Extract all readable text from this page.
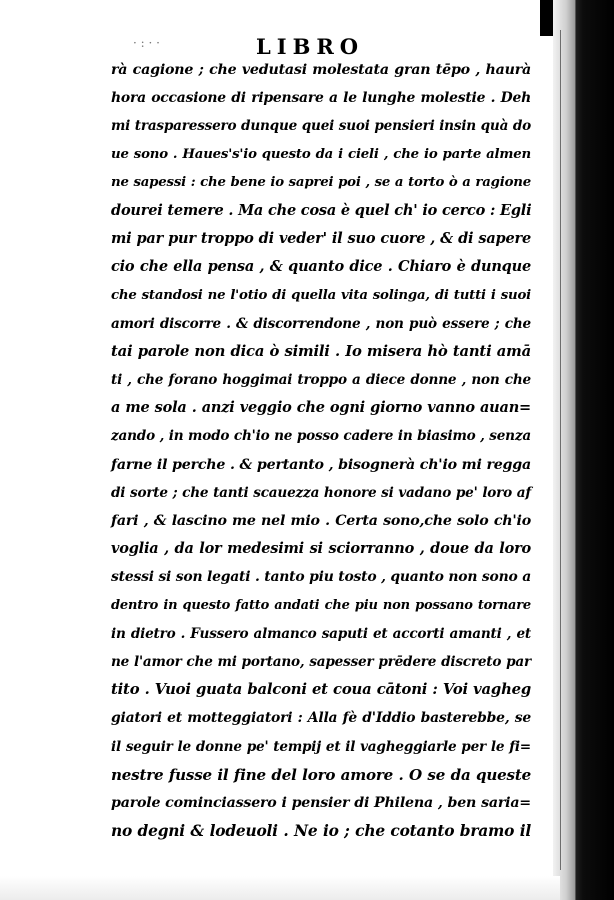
· : · ·	LIBRO
rà cagione ; che vedutasi molestata gran tēpo , haurà
hora occasione di ripensare a le lunghe molestie . Deh
mi trasparessero dunque quei suoi pensieri insin quà do
ue sono . Haues's'io questo da i cieli , che io parte almen
ne sapessi : che bene io saprei poi , se a torto ò a ragione
dourei temere . Ma che cosa è quel ch' io cerco : Egli
mi par pur troppo di veder' il suo cuore , & di sapere
cio che ella pensa , & quanto dice . Chiaro è dunque
che standosi ne l'otio di quella vita solinga, di tutti i suoi
amori discorre . & discorrendone , non può essere ; che
tai parole non dica ò simili . Io misera hò tanti amā
ti , che forano hoggimai troppo a diece donne , non che
a me sola . anzi veggio che ogni giorno vanno auan=
zando , in modo ch'io ne posso cadere in biasimo , senza
farne il perche . & pertanto , bisognerà ch'io mi regga
di sorte ; che tanti scauezza honore si vadano pe' loro af
fari , & lascino me nel mio . Certa sono,che solo ch'io
voglia , da lor medesimi si sciorranno , doue da loro
stessi si son legati . tanto piu tosto , quanto non sono a
dentro in questo fatto andati che piu non possano tornare
in dietro . Fussero almanco saputi et accorti amanti , et
ne l'amor che mi portano, sapesser prēdere discreto par
tito . Vuoi guata balconi et coua cātoni : Voi vagheg
giatori et motteggiatori : Alla fè d'Iddio basterebbe, se
il seguir le donne pe' tempij et il vagheggiarle per le fi=
nestre fusse il fine del loro amore . O se da queste
parole cominciassero i pensier di Philena , ben saria=
no degni & lodeuoli . Ne io ; che cotanto bramo il
